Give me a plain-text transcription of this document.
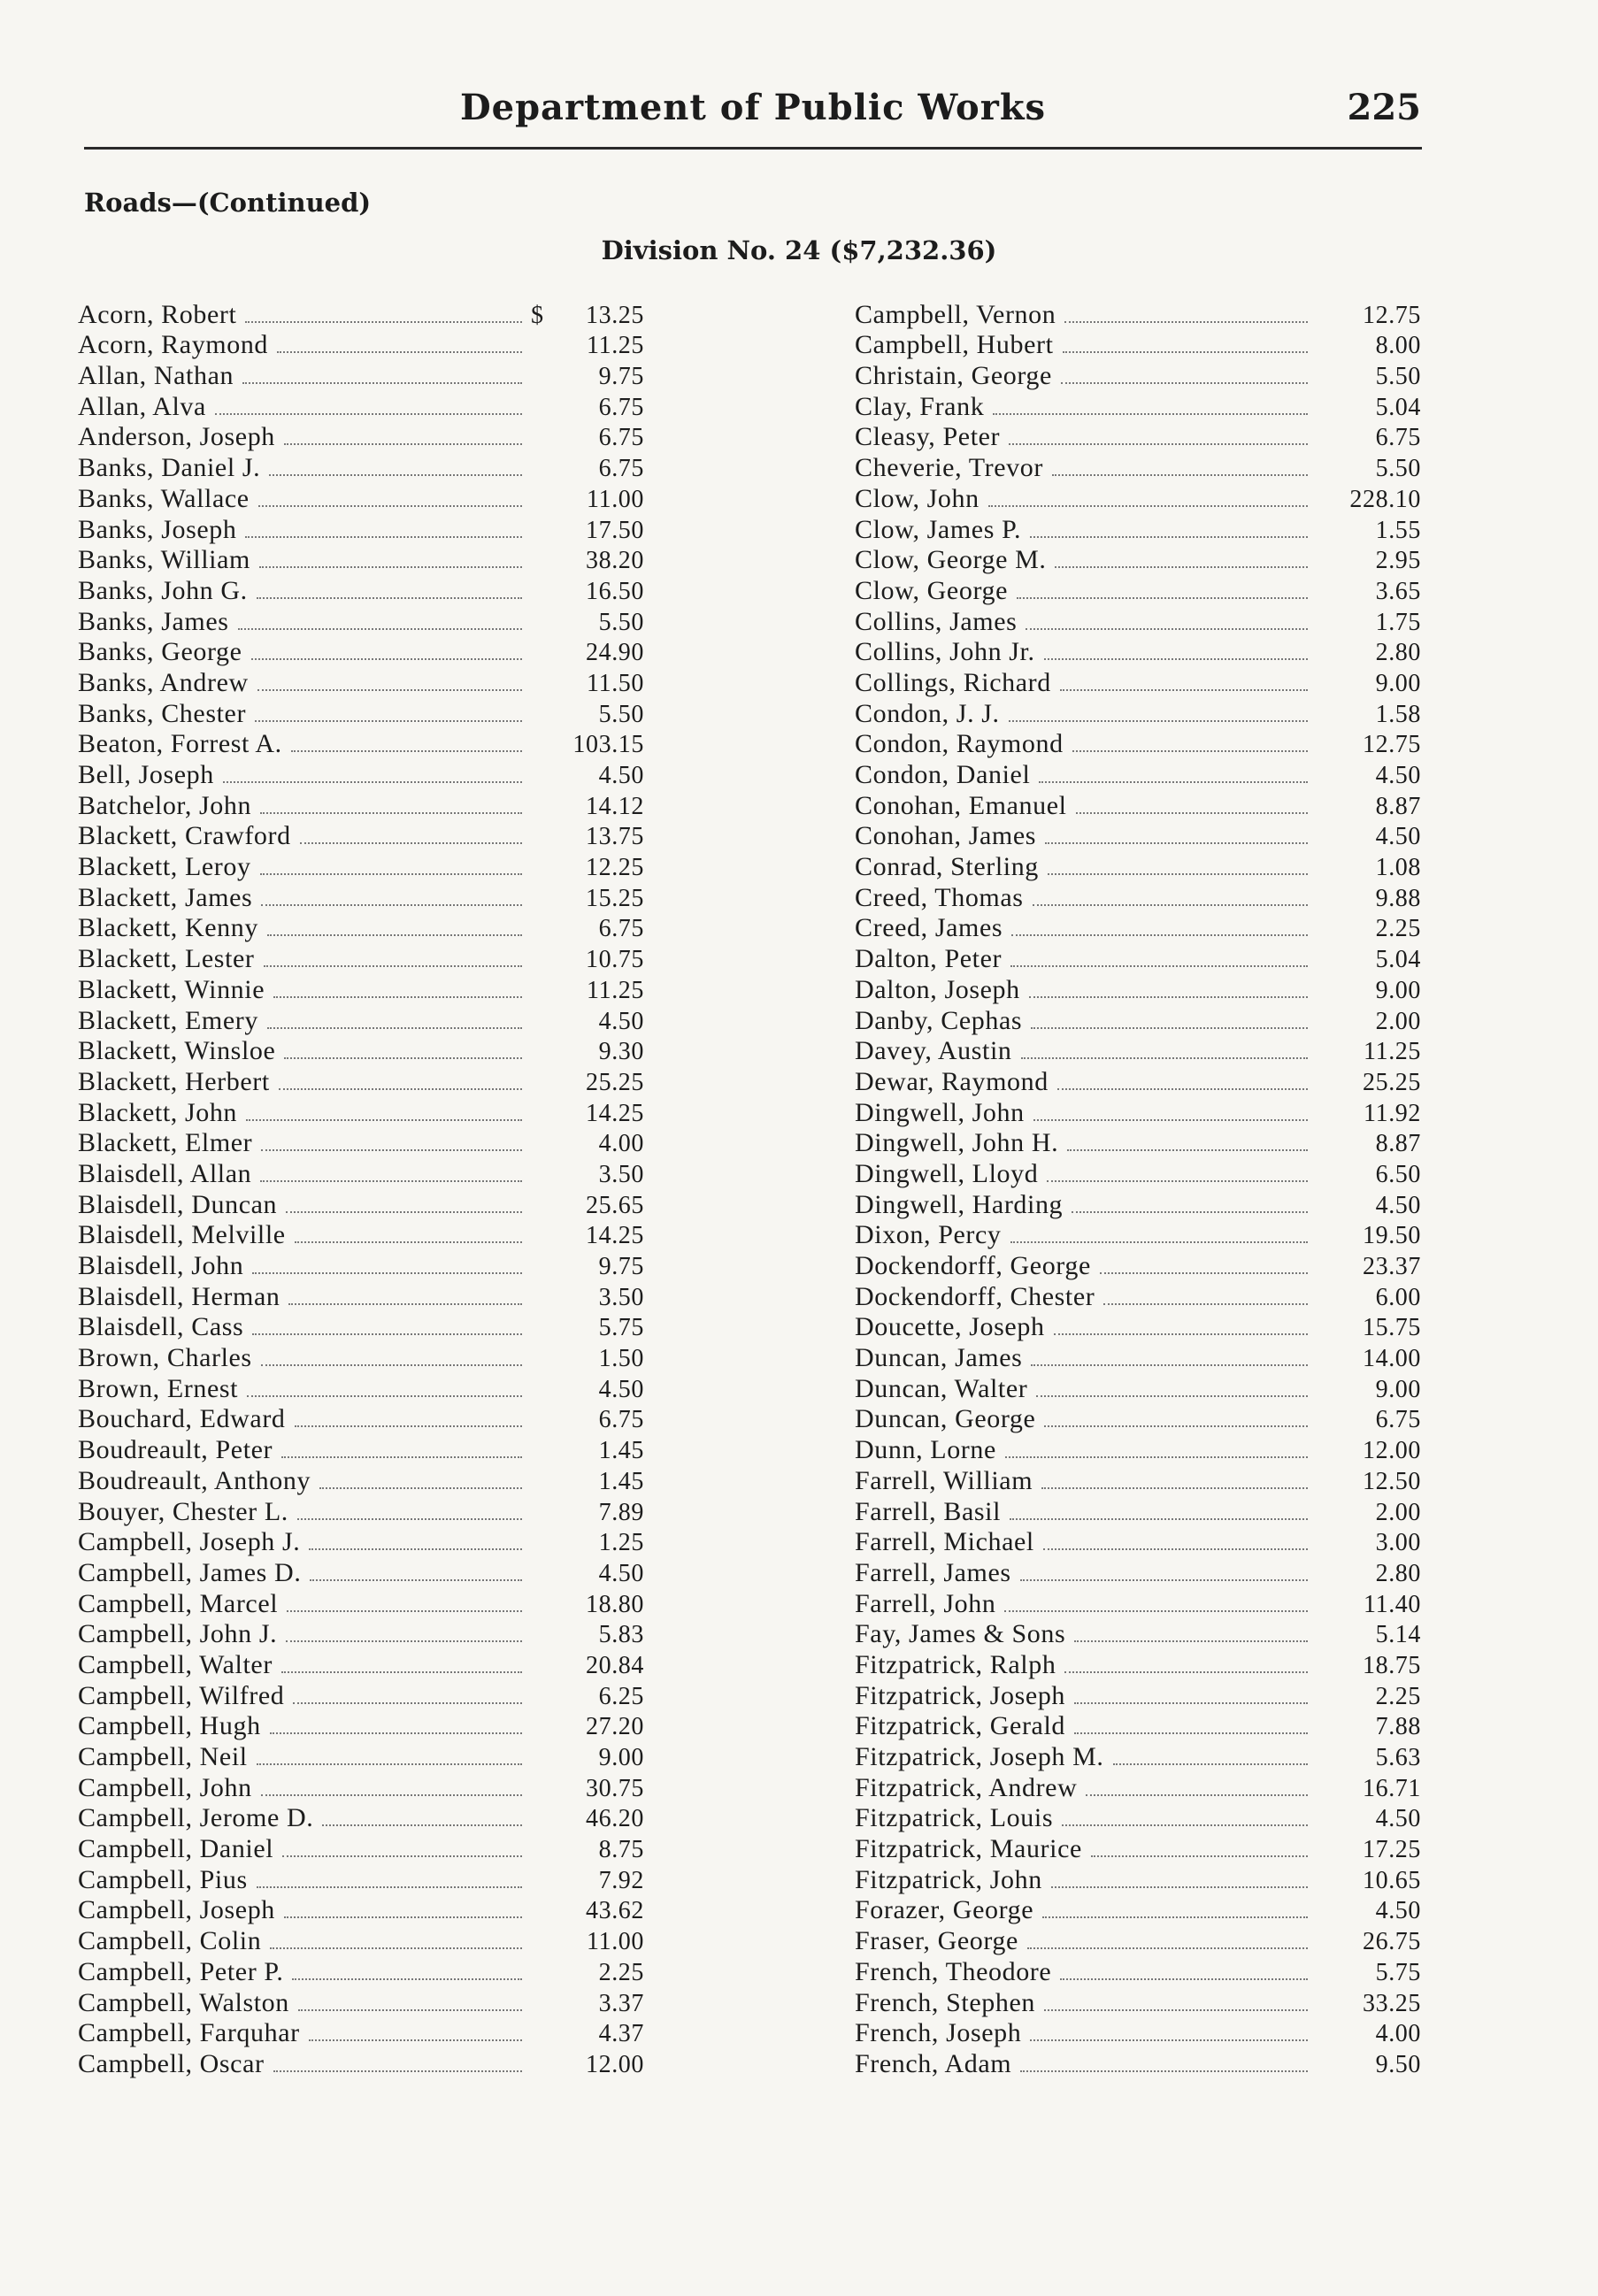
Department of Public Works	225
Roads—(Continued)
Division No. 24 ($7,232.36)
Acorn, Robert	$	13.25
Acorn, Raymond	11.25
Allan, Nathan	9.75
Allan, Alva	6.75
Anderson, Joseph	6.75
Banks, Daniel J.	6.75
Banks, Wallace	11.00
Banks, Joseph	17.50
Banks, William	38.20
Banks, John G.	16.50
Banks, James	5.50
Banks, George	24.90
Banks, Andrew	11.50
Banks, Chester	5.50
Beaton, Forrest A.	103.15
Bell, Joseph	4.50
Batchelor, John	14.12
Blackett, Crawford	13.75
Blackett, Leroy	12.25
Blackett, James	15.25
Blackett, Kenny	6.75
Blackett, Lester	10.75
Blackett, Winnie	11.25
Blackett, Emery	4.50
Blackett, Winsloe	9.30
Blackett, Herbert	25.25
Blackett, John	14.25
Blackett, Elmer	4.00
Blaisdell, Allan	3.50
Blaisdell, Duncan	25.65
Blaisdell, Melville	14.25
Blaisdell, John	9.75
Blaisdell, Herman	3.50
Blaisdell, Cass	5.75
Brown, Charles	1.50
Brown, Ernest	4.50
Bouchard, Edward	6.75
Boudreault, Peter	1.45
Boudreault, Anthony	1.45
Bouyer, Chester L.	7.89
Campbell, Joseph J.	1.25
Campbell, James D.	4.50
Campbell, Marcel	18.80
Campbell, John J.	5.83
Campbell, Walter	20.84
Campbell, Wilfred	6.25
Campbell, Hugh	27.20
Campbell, Neil	9.00
Campbell, John	30.75
Campbell, Jerome D.	46.20
Campbell, Daniel	8.75
Campbell, Pius	7.92
Campbell, Joseph	43.62
Campbell, Colin	11.00
Campbell, Peter P.	2.25
Campbell, Walston	3.37
Campbell, Farquhar	4.37
Campbell, Oscar	12.00
Campbell, Vernon	12.75
Campbell, Hubert	8.00
Christain, George	5.50
Clay, Frank	5.04
Cleasy, Peter	6.75
Cheverie, Trevor	5.50
Clow, John	228.10
Clow, James P.	1.55
Clow, George M.	2.95
Clow, George	3.65
Collins, James	1.75
Collins, John Jr.	2.80
Collings, Richard	9.00
Condon, J. J.	1.58
Condon, Raymond	12.75
Condon, Daniel	4.50
Conohan, Emanuel	8.87
Conohan, James	4.50
Conrad, Sterling	1.08
Creed, Thomas	9.88
Creed, James	2.25
Dalton, Peter	5.04
Dalton, Joseph	9.00
Danby, Cephas	2.00
Davey, Austin	11.25
Dewar, Raymond	25.25
Dingwell, John	11.92
Dingwell, John H.	8.87
Dingwell, Lloyd	6.50
Dingwell, Harding	4.50
Dixon, Percy	19.50
Dockendorff, George	23.37
Dockendorff, Chester	6.00
Doucette, Joseph	15.75
Duncan, James	14.00
Duncan, Walter	9.00
Duncan, George	6.75
Dunn, Lorne	12.00
Farrell, William	12.50
Farrell, Basil	2.00
Farrell, Michael	3.00
Farrell, James	2.80
Farrell, John	11.40
Fay, James & Sons	5.14
Fitzpatrick, Ralph	18.75
Fitzpatrick, Joseph	2.25
Fitzpatrick, Gerald	7.88
Fitzpatrick, Joseph M.	5.63
Fitzpatrick, Andrew	16.71
Fitzpatrick, Louis	4.50
Fitzpatrick, Maurice	17.25
Fitzpatrick, John	10.65
Forazer, George	4.50
Fraser, George	26.75
French, Theodore	5.75
French, Stephen	33.25
French, Joseph	4.00
French, Adam	9.50
